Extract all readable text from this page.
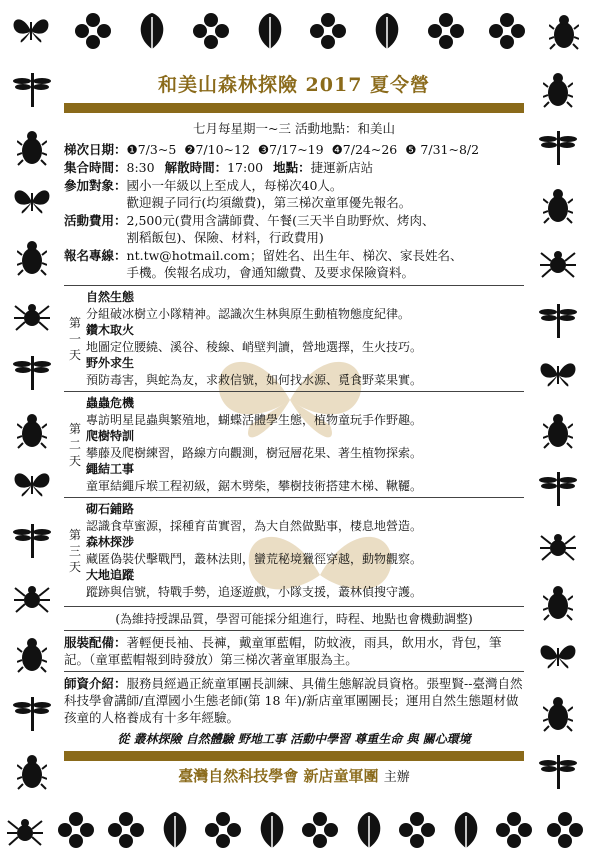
和美山森林探險 2017 夏令營
七月每星期一~三 活動地點：和美山
梯次日期： ❶7/3~5 ❷7/10~12 ❸7/17~19 ❹7/24~26 ❺ 7/31~8/2
集合時間： 8:30 解散時間： 17:00 地點： 捷運新店站
參加對象： 國小一年級以上至成人，每梯次40人。
歡迎親子同行(均須繳費)，第三梯次童軍優先報名。
活動費用： 2,500元(費用含講師費、午餐(三天半自助野炊、烤肉、
割稻飯包)、保險、材料，行政費用)
報名專線： nt.tw@hotmail.com；留姓名、出生年、梯次、家長姓名、
手機。俟報名成功，會通知繳費、及要求保險資料。
第
一
天
自然生態
分組破冰樹立小隊精神。認識次生林與原生動植物態度紀律。
鑽木取火
地圖定位腰繞、溪谷、稜線、峭壁判讀，營地選擇，生火技巧。
野外求生
預防毒害，與蛇為友，求救信號，如何找水源、覓食野菜果實。
第
二
天
蟲蟲危機
專訪明星昆蟲與繁殖地，蝴蝶活體學生態，植物童玩手作野趣。
爬樹特訓
攀藤及爬樹練習，路線方向觀測，樹冠層花果、著生植物探索。
繩結工事
童軍結繩斥堠工程初級，鋸木劈柴，攀樹技術搭建木梯、鞦韆。
第
三
天
砌石鋪路
認識食草蜜源，採種育苗實習，為大自然做點事，棲息地營造。
森林探涉
藏匿偽裝伏擊戰鬥，叢林法則，蠻荒秘境獵徑穿越，動物觀察。
大地追蹤
蹤跡與信號，特戰手勢，追逐遊戲，小隊支援，叢林偵搜守護。
(為維持授課品質，學習可能採分組進行，時程、地點也會機動調整)
服裝配備：著輕便長袖、長褲，戴童軍藍帽，防蚊液，雨具，飲用水，背包，筆記。（童軍藍帽報到時發放）第三梯次著童軍服為主。
師資介紹：服務員經過正統童軍團長訓練、具備生態解說員資格。張聖賢--臺灣自然科技學會講師/直潭國小生態老師(第 18 年)/新店童軍團團長；運用自然生態題材做孩童的人格養成有十多年經驗。
從 叢林探險 自然體驗 野地工事 活動中學習 尊重生命 與 關心環境
臺灣自然科技學會 新店童軍團 主辦
